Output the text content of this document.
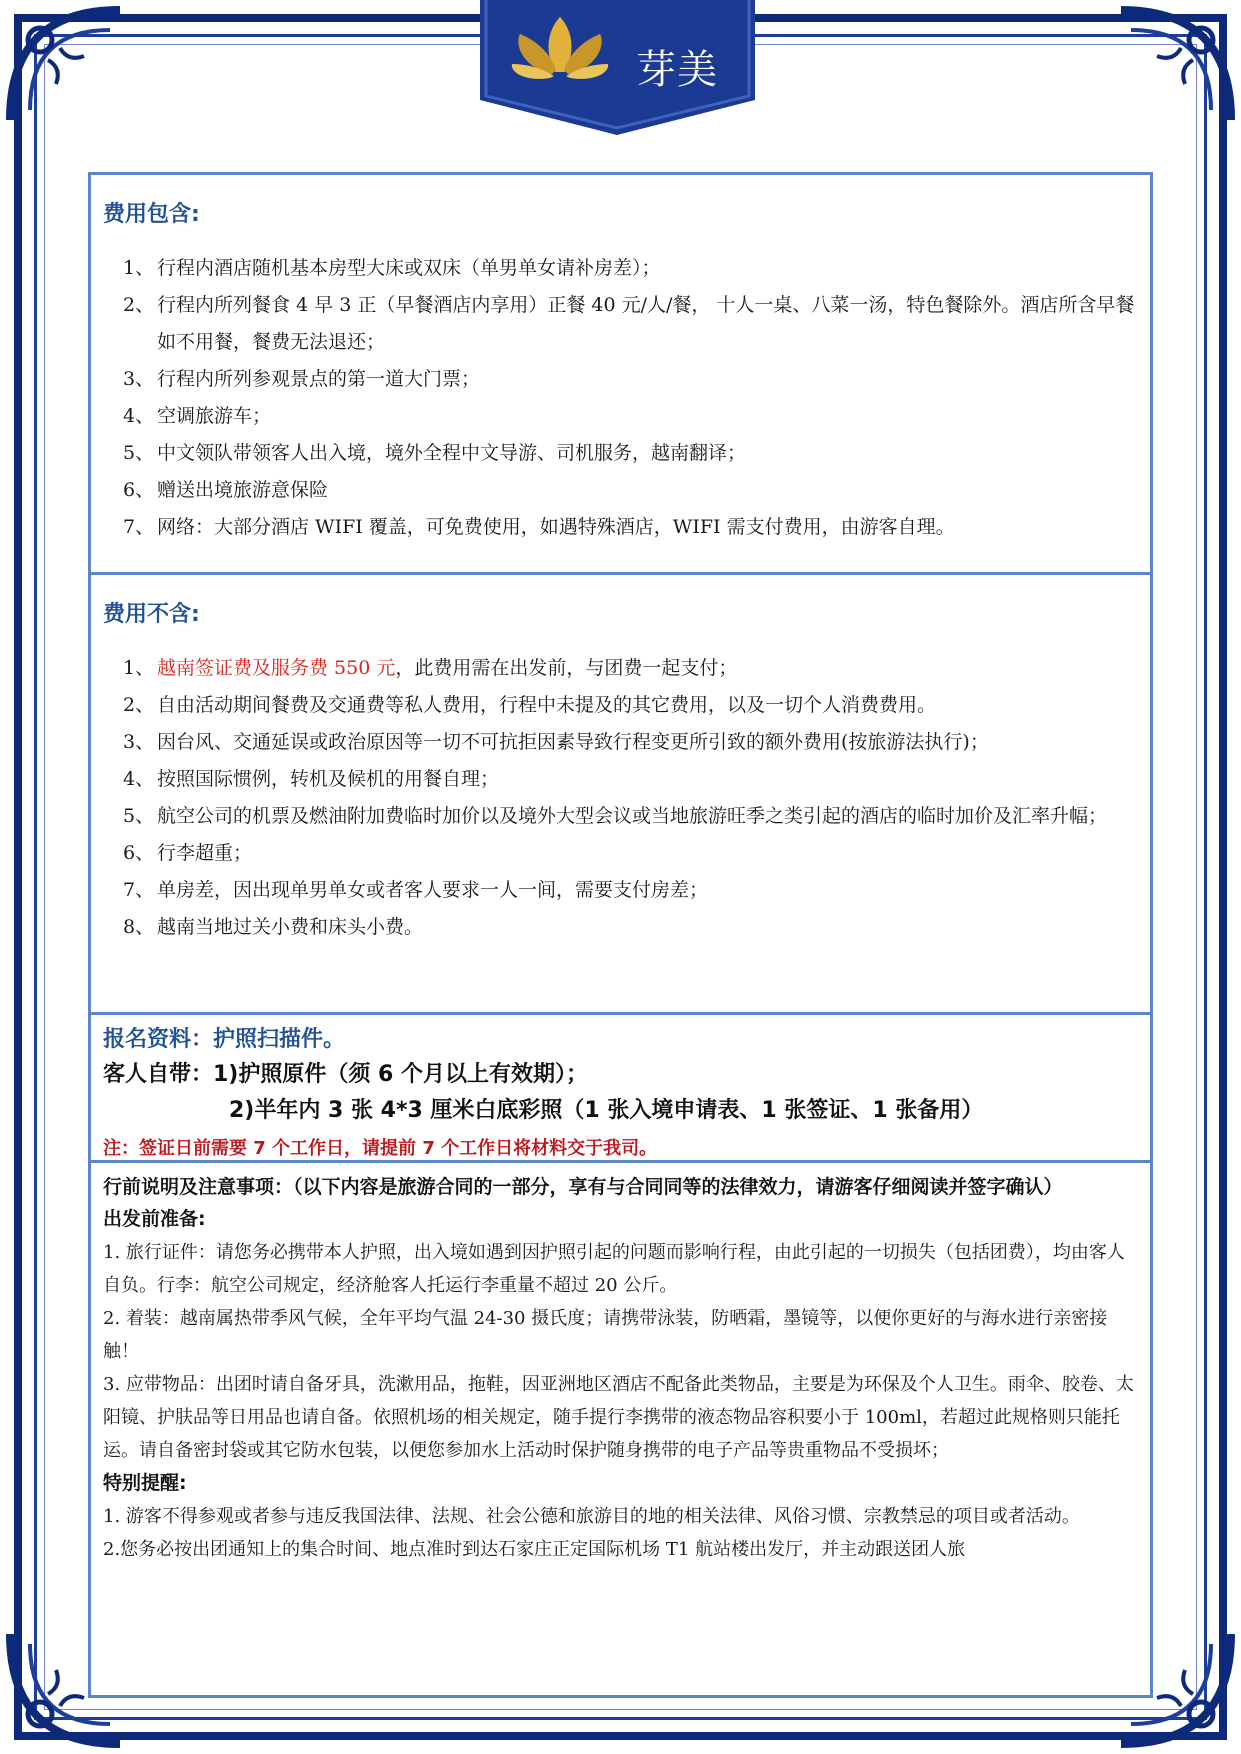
芽美
费用包含:
1、 行程内酒店随机基本房型大床或双床（单男单女请补房差）；
2、 行程内所列餐食 4 早 3 正（早餐酒店内享用）正餐 40 元/人/餐， 十人一桌、八菜一汤，特色餐除外。酒店所含早餐如不用餐，餐费无法退还；
3、 行程内所列参观景点的第一道大门票；
4、 空调旅游车；
5、 中文领队带领客人出入境，境外全程中文导游、司机服务，越南翻译；
6、 赠送出境旅游意保险
7、 网络：大部分酒店 WIFI 覆盖，可免费使用，如遇特殊酒店，WIFI 需支付费用，由游客自理。
费用不含:
1、 越南签证费及服务费 550 元，此费用需在出发前，与团费一起支付；
2、 自由活动期间餐费及交通费等私人费用，行程中未提及的其它费用，以及一切个人消费费用。
3、 因台风、交通延误或政治原因等一切不可抗拒因素导致行程变更所引致的额外费用(按旅游法执行)；
4、 按照国际惯例，转机及候机的用餐自理；
5、 航空公司的机票及燃油附加费临时加价以及境外大型会议或当地旅游旺季之类引起的酒店的临时加价及汇率升幅；
6、 行李超重；
7、 单房差，因出现单男单女或者客人要求一人一间，需要支付房差；
8、 越南当地过关小费和床头小费。
报名资料：护照扫描件。
客人自带：1)护照原件（须 6 个月以上有效期）；
2)半年内 3 张 4*3 厘米白底彩照（1 张入境申请表、1 张签证、1 张备用）
注：签证日前需要 7 个工作日，请提前 7 个工作日将材料交于我司。
行前说明及注意事项：（以下内容是旅游合同的一部分，享有与合同同等的法律效力，请游客仔细阅读并签字确认）
出发前准备:
1. 旅行证件：请您务必携带本人护照，出入境如遇到因护照引起的问题而影响行程，由此引起的一切损失（包括团费），均由客人自负。行李：航空公司规定，经济舱客人托运行李重量不超过 20 公斤。
2. 着装：越南属热带季风气候，全年平均气温 24-30 摄氏度；请携带泳装，防晒霜，墨镜等，以便你更好的与海水进行亲密接触！
3. 应带物品：出团时请自备牙具，洗漱用品，拖鞋，因亚洲地区酒店不配备此类物品，主要是为环保及个人卫生。雨伞、胶卷、太阳镜、护肤品等日用品也请自备。依照机场的相关规定，随手提行李携带的液态物品容积要小于 100ml，若超过此规格则只能托运。请自备密封袋或其它防水包装，以便您参加水上活动时保护随身携带的电子产品等贵重物品不受损坏；
特别提醒:
1. 游客不得参观或者参与违反我国法律、法规、社会公德和旅游目的地的相关法律、风俗习惯、宗教禁忌的项目或者活动。
2.您务必按出团通知上的集合时间、地点准时到达石家庄正定国际机场 T1 航站楼出发厅，并主动跟送团人旅
